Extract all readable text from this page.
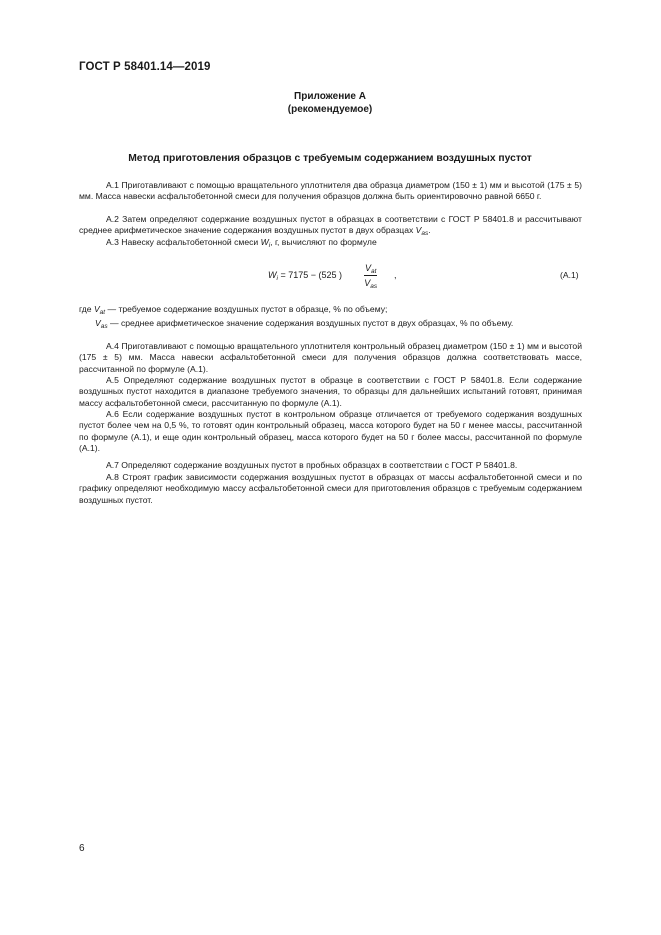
ГОСТ Р 58401.14—2019
Приложение А
(рекомендуемое)
Метод приготовления образцов с требуемым содержанием воздушных пустот

А.1 Приготавливают с помощью вращательного уплотнителя два образца диаметром (150 ± 1) мм и высотой (175 ± 5) мм. Масса навески асфальтобетонной смеси для получения образцов должна быть ориентировочно равной 6650 г.

А.2 Затем определяют содержание воздушных пустот в образцах в соответствии с ГОСТ Р 58401.8 и рассчитывают среднее арифметическое значение содержания воздушных пустот в двух образцах $V_{as}$.

А.3 Навеску асфальтобетонной смеси $W_i$, г, вычисляют по формуле

$W_i = 7175 - (525$ )
$V_{at}$
$V_{as}$
,	(А.1)
где $V_{at}$ — требуемое содержание воздушных пустот в образце, % по объему;
$V_{as}$ — среднее арифметическое значение содержания воздушных пустот в двух образцах, % по объему.

А.4 Приготавливают с помощью вращательного уплотнителя контрольный образец диаметром (150 ± 1) мм и высотой (175 ± 5) мм. Масса навески асфальтобетонной смеси для получения образцов должна соответствовать массе, рассчитанной по формуле (А.1).

А.5 Определяют содержание воздушных пустот в образце в соответствии с ГОСТ Р 58401.8. Если содержание воздушных пустот находится в диапазоне требуемого значения, то образцы для дальнейших испытаний готовят, принимая массу асфальтобетонной смеси, рассчитанную по формуле (А.1).

А.6 Если содержание воздушных пустот в контрольном образце отличается от требуемого содержания воздушных пустот более чем на 0,5 %, то готовят один контрольный образец, масса которого будет на 50 г менее массы, рассчитанной по формуле (А.1), и еще один контрольный образец, масса которого будет на 50 г более массы, рассчитанной по формуле (А.1).

А.7 Определяют содержание воздушных пустот в пробных образцах в соответствии с ГОСТ Р 58401.8.

А.8 Строят график зависимости содержания воздушных пустот в образцах от массы асфальтобетонной смеси и по графику определяют необходимую массу асфальтобетонной смеси для приготовления образцов с требуемым содержанием воздушных пустот.

6
